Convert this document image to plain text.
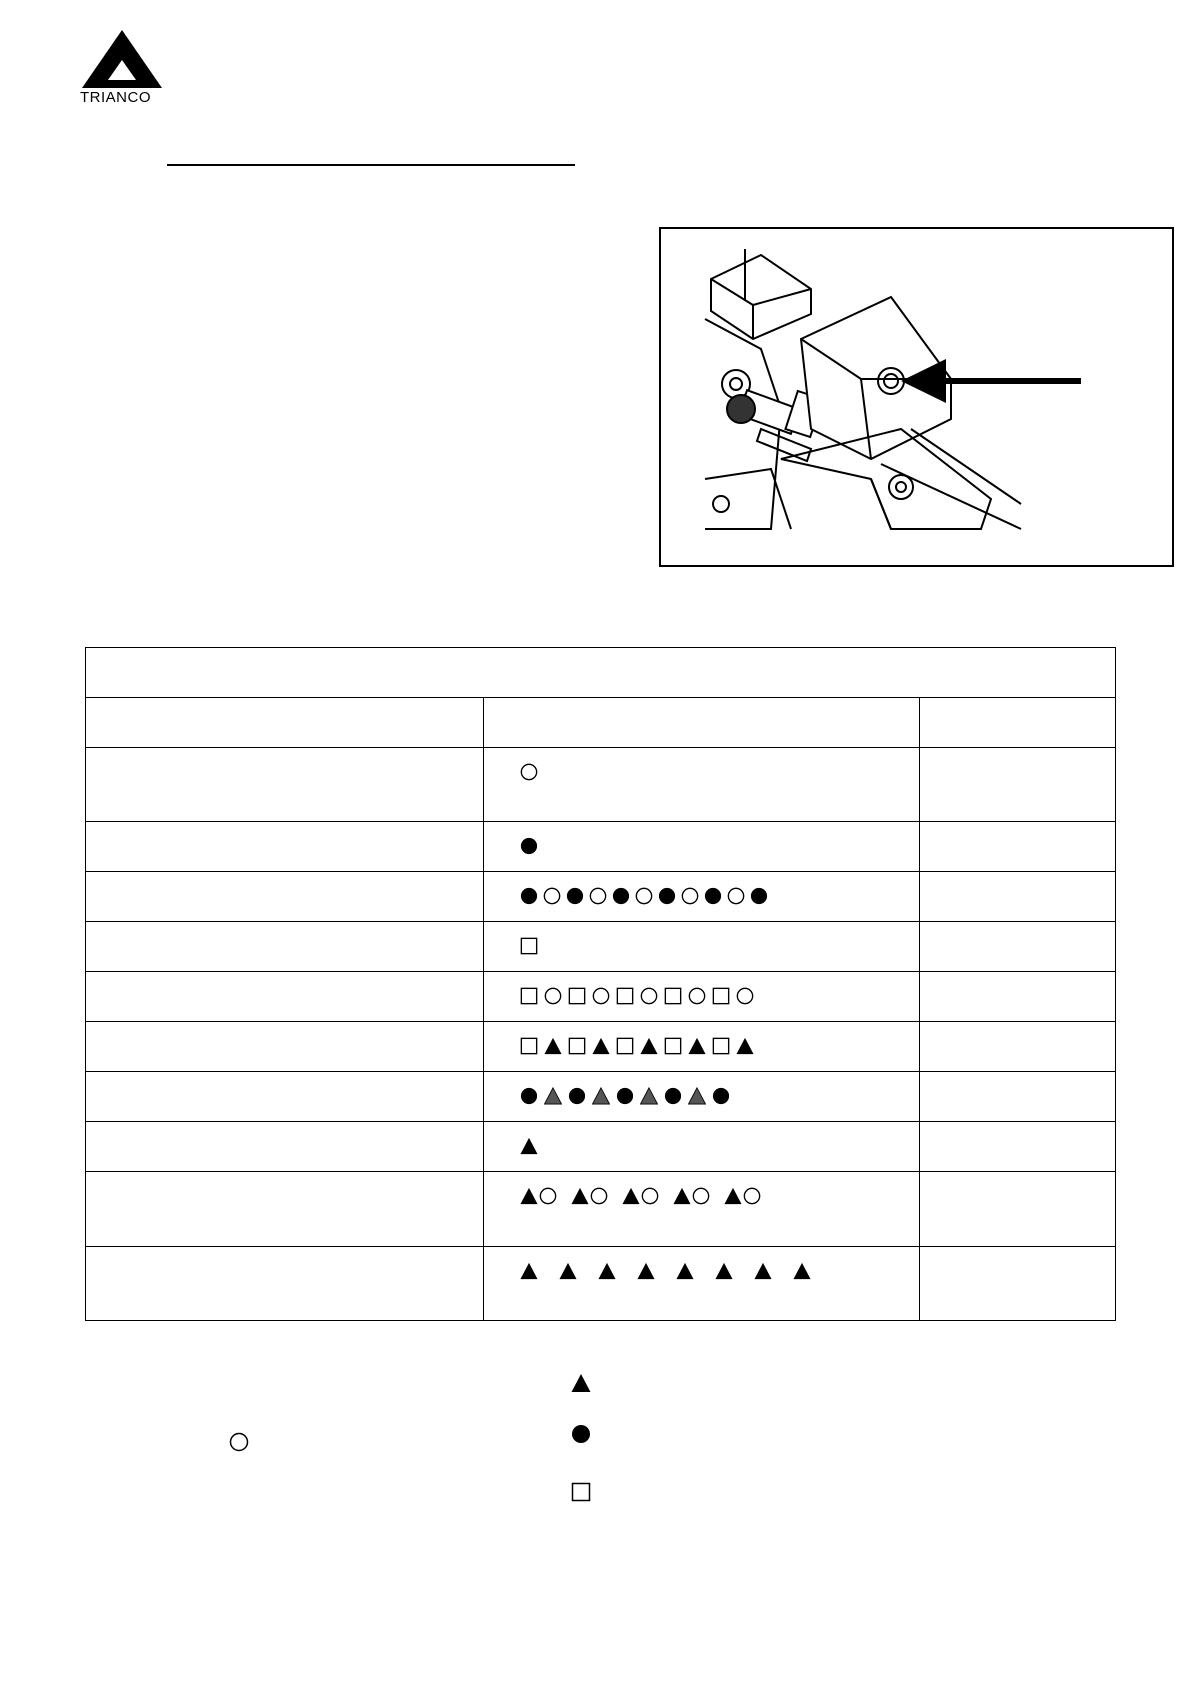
TRIANCO
